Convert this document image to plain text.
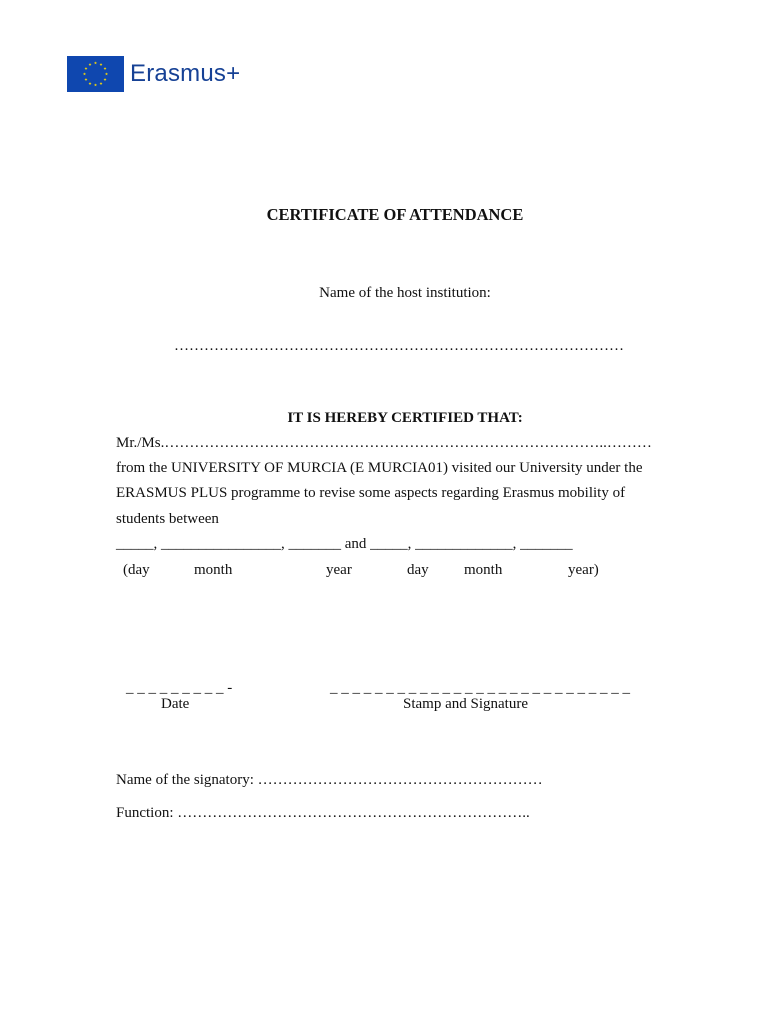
Erasmus+
CERTIFICATE OF ATTENDANCE
Name of the host institution:
………………………………………………………………………………
IT IS HEREBY CERTIFIED THAT:
Mr./Ms.……………………………………………………………………………..………
from the UNIVERSITY OF MURCIA (E MURCIA01) visited our University under the
ERASMUS PLUS programme to revise some aspects regarding Erasmus mobility of
students between
_____, ________________, _______ and _____, _____________, _______
(day	month	year	day month	year)
_ _ _ _ _ _ _ _ _ -	_ _ _ _ _ _ _ _ _ _ _ _ _ _ _ _ _ _ _ _ _ _ _ _ _ _ _
Date	Stamp and Signature
Name of the signatory: …………………………………………………
Function: ……………………………………………………………..
